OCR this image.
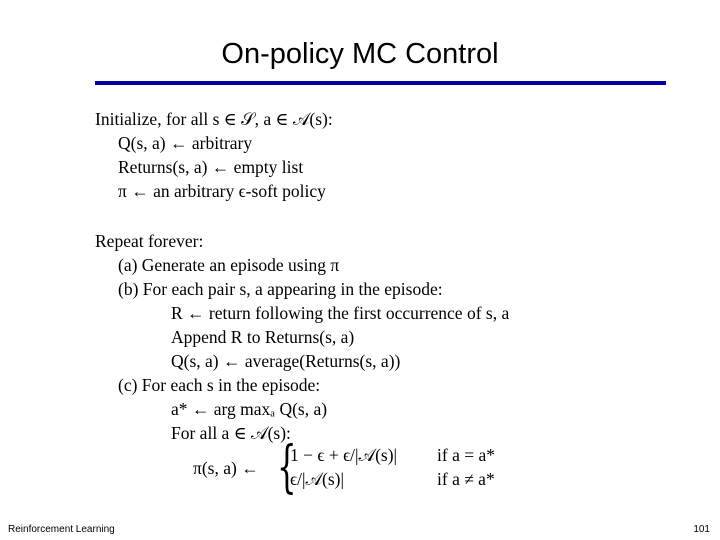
On-policy MC Control
Initialize, for all s ∈ 𝒮, a ∈ 𝒜(s):
Q(s, a) ← arbitrary
Returns(s, a) ← empty list
π ← an arbitrary ϵ-soft policy
Repeat forever:
(a) Generate an episode using π
(b) For each pair s, a appearing in the episode:
R ← return following the first occurrence of s, a
Append R to Returns(s, a)
Q(s, a) ← average(Returns(s, a))
(c) For each s in the episode:
a* ← arg maxₐ Q(s, a)
For all a ∈ 𝒜(s):
π(s, a) ← {
1 − ϵ + ϵ/|𝒜(s)| if a = a*
ϵ/|𝒜(s)|	if a ≠ a*
Reinforcement Learning	101
